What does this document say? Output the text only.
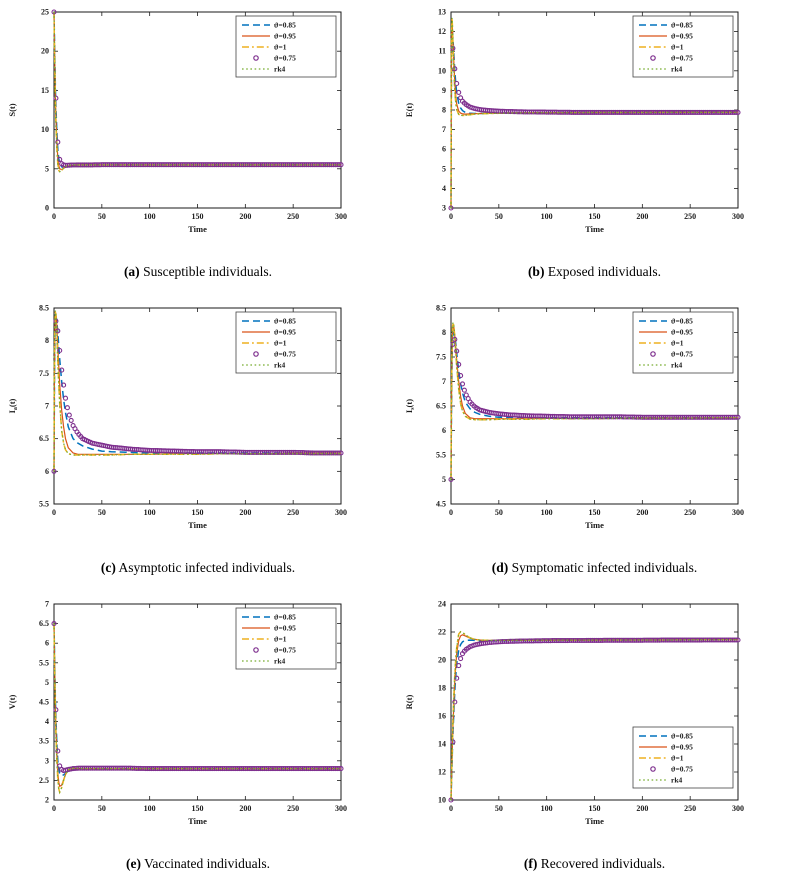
0	50	100	150	200	250	300
0
5
10
15
20
25
Time
S(t)
ϑ=0.85
ϑ=0.95
ϑ=1
ϑ=0.75
rk4
(a) Susceptible individuals.
0	50	100	150	200	250	300
3
4
5
6
7
8
9
10
11
12
13
Time
E(t)
ϑ=0.85
ϑ=0.95
ϑ=1
ϑ=0.75
rk4
(b) Exposed individuals.
0	50	100	150	200	250	300
5.5
6
6.5
7
7.5
8
8.5
Time
$I_a(t)$
ϑ=0.85
ϑ=0.95
ϑ=1
ϑ=0.75
rk4
(c) Asymptotic infected individuals.
0	50	100	150	200	250	300
4.5
5
5.5
6
6.5
7
7.5
8
8.5
Time
$I_s(t)$
ϑ=0.85
ϑ=0.95
ϑ=1
ϑ=0.75
rk4
(d) Symptomatic infected individuals.
0	50	100	150	200	250	300
2
2.5
3
3.5
4
4.5
5
5.5
6
6.5
7
Time
V(t)
ϑ=0.85
ϑ=0.95
ϑ=1
ϑ=0.75
rk4
(e) Vaccinated individuals.
0	50	100	150	200	250	300
10
12
14
16
18
20
22
24
Time
R(t)
ϑ=0.85
ϑ=0.95
ϑ=1
ϑ=0.75
rk4
(f) Recovered individuals.
